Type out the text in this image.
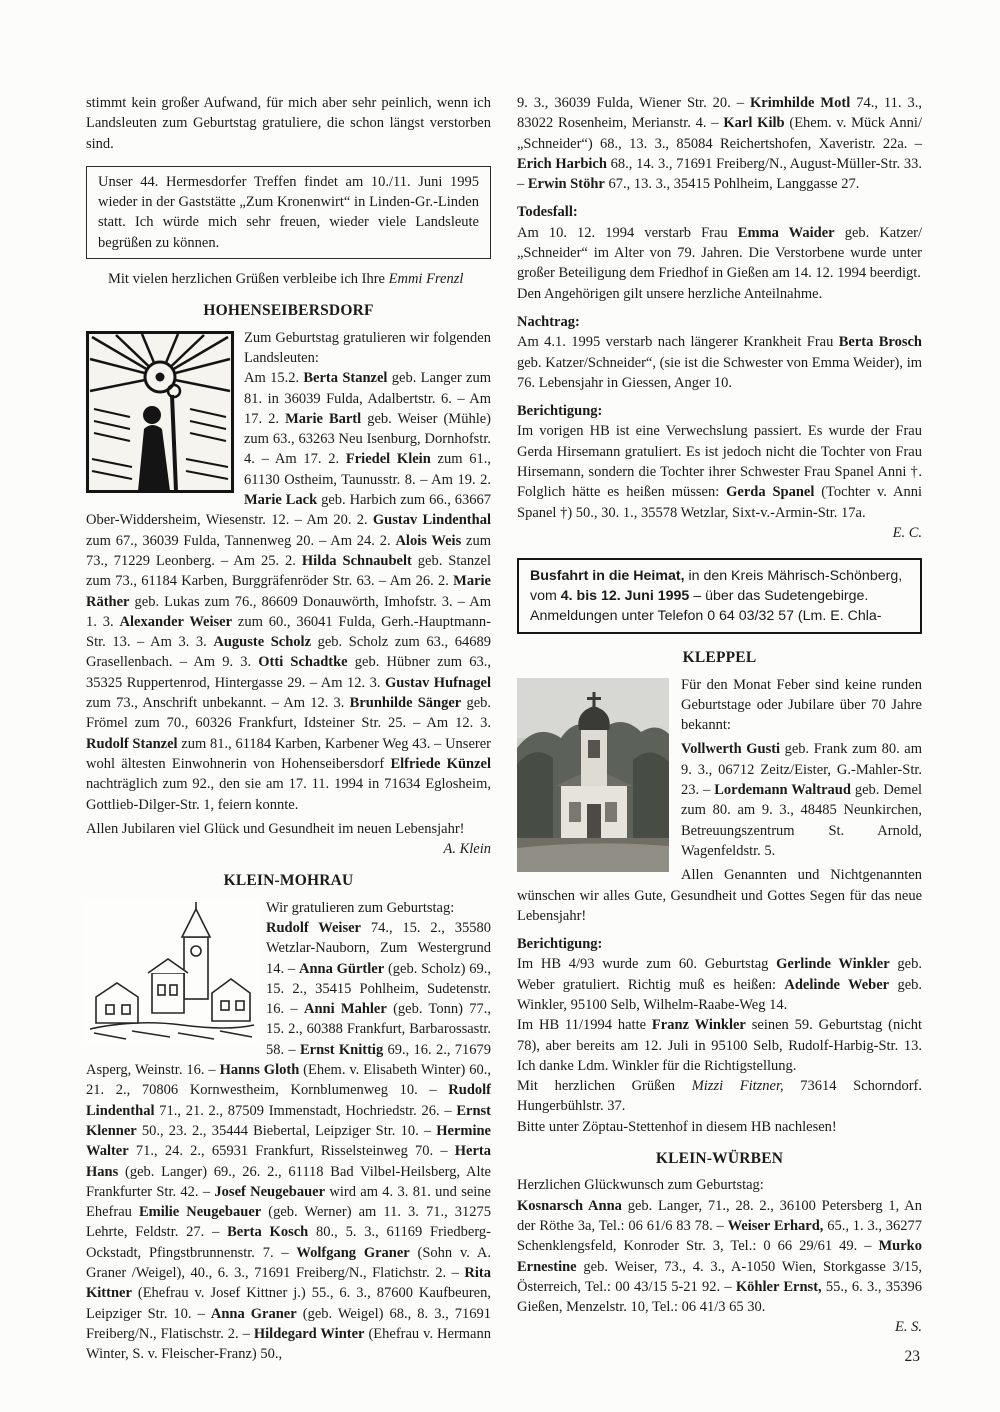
stimmt kein großer Aufwand, für mich aber sehr peinlich, wenn ich Landsleuten zum Geburtstag gratuliere, die schon längst verstorben sind.

Unser 44. Hermesdorfer Treffen findet am 10./11. Juni 1995 wieder in der Gaststätte „Zum Kronenwirt“ in Linden-Gr.-Linden statt. Ich würde mich sehr freuen, wieder viele Landsleute begrüßen zu können.

Mit vielen herzlichen Grüßen verbleibe ich Ihre Emmi Frenzl

HOHENSEIBERSDORF

Zum Geburtstag gratulieren wir folgenden Landsleuten:

Am 15.2. Berta Stanzel geb. Langer zum 81. in 36039 Fulda, Adalbertstr. 6. – Am 17. 2. Marie Bartl geb. Weiser (Mühle) zum 63., 63263 Neu Isenburg, Dornhofstr. 4. – Am 17. 2. Friedel Klein zum 61., 61130 Ostheim, Taunusstr. 8. – Am 19. 2. Marie Lack geb. Harbich zum 66., 63667 Ober-Widdersheim, Wiesenstr. 12. – Am 20. 2. Gustav Lindenthal zum 67., 36039 Fulda, Tannenweg 20. – Am 24. 2. Alois Weis zum 73., 71229 Leonberg. – Am 25. 2. Hilda Schnaubelt geb. Stanzel zum 73., 61184 Karben, Burggräfenröder Str. 63. – Am 26. 2. Marie Räther geb. Lukas zum 76., 86609 Donauwörth, Imhofstr. 3. – Am 1. 3. Alexander Weiser zum 60., 36041 Fulda, Gerh.-Hauptmann-Str. 13. – Am 3. 3. Auguste Scholz geb. Scholz zum 63., 64689 Grasellenbach. – Am 9. 3. Otti Schadtke geb. Hübner zum 63., 35325 Ruppertenrod, Hintergasse 29. – Am 12. 3. Gustav Hufnagel zum 73., Anschrift unbekannt. – Am 12. 3. Brunhilde Sänger geb. Frömel zum 70., 60326 Frankfurt, Idsteiner Str. 25. – Am 12. 3. Rudolf Stanzel zum 81., 61184 Karben, Karbener Weg 43. – Unserer wohl ältesten Einwohnerin von Hohenseibersdorf Elfriede Künzel nachträglich zum 92., den sie am 17. 11. 1994 in 71634 Eglosheim, Gottlieb-Dilger-Str. 1, feiern konnte.

Allen Jubilaren viel Glück und Gesundheit im neuen Lebensjahr!

A. Klein

KLEIN-MOHRAU

Wir gratulieren zum Geburtstag:

Rudolf Weiser 74., 15. 2., 35580 Wetzlar-Nauborn, Zum Westergrund 14. – Anna Gürtler (geb. Scholz) 69., 15. 2., 35415 Pohlheim, Sudetenstr. 16. – Anni Mahler (geb. Tonn) 77., 15. 2., 60388 Frankfurt, Barbarossastr. 58. – Ernst Knittig 69., 16. 2., 71679 Asperg, Weinstr. 16. – Hanns Gloth (Ehem. v. Elisabeth Winter) 60., 21. 2., 70806 Kornwestheim, Kornblumenweg 10. – Rudolf Lindenthal 71., 21. 2., 87509 Immenstadt, Hochriedstr. 26. – Ernst Klenner 50., 23. 2., 35444 Biebertal, Leipziger Str. 10. – Hermine Walter 71., 24. 2., 65931 Frankfurt, Risselsteinweg 70. – Herta Hans (geb. Langer) 69., 26. 2., 61118 Bad Vilbel-Heilsberg, Alte Frankfurter Str. 42. – Josef Neugebauer wird am 4. 3. 81. und seine Ehefrau Emilie Neugebauer (geb. Werner) am 11. 3. 71., 31275 Lehrte, Feldstr. 27. – Berta Kosch 80., 5. 3., 61169 Friedberg-Ockstadt, Pfingstbrunnenstr. 7. – Wolfgang Graner (Sohn v. A. Graner /Weigel), 40., 6. 3., 71691 Freiberg/N., Flatichstr. 2. – Rita Kittner (Ehefrau v. Josef Kittner j.) 55., 6. 3., 87600 Kaufbeuren, Leipziger Str. 10. – Anna Graner (geb. Weigel) 68., 8. 3., 71691 Freiberg/N., Flatischstr. 2. – Hildegard Winter (Ehefrau v. Hermann Winter, S. v. Fleischer-Franz) 50.,

9. 3., 36039 Fulda, Wiener Str. 20. – Krimhilde Motl 74., 11. 3., 83022 Rosenheim, Merianstr. 4. – Karl Kilb (Ehem. v. Mück Anni/„Schneider“) 68., 13. 3., 85084 Reichertshofen, Xaveristr. 22a. – Erich Harbich 68., 14. 3., 71691 Freiberg/N., August-Müller-Str. 33. – Erwin Stöhr 67., 13. 3., 35415 Pohlheim, Langgasse 27.

Todesfall:

Am 10. 12. 1994 verstarb Frau Emma Waider geb. Katzer/„Schneider“ im Alter von 79. Jahren. Die Verstorbene wurde unter großer Beteiligung dem Friedhof in Gießen am 14. 12. 1994 beerdigt.

Den Angehörigen gilt unsere herzliche Anteilnahme.

Nachtrag:

Am 4.1. 1995 verstarb nach längerer Krankheit Frau Berta Brosch geb. Katzer/Schneider“, (sie ist die Schwester von Emma Weider), im 76. Lebensjahr in Giessen, Anger 10.

Berichtigung:

Im vorigen HB ist eine Verwechslung passiert. Es wurde der Frau Gerda Hirsemann gratuliert. Es ist jedoch nicht die Tochter von Frau Hirsemann, sondern die Tochter ihrer Schwester Frau Spanel Anni †. Folglich hätte es heißen müssen: Gerda Spanel (Tochter v. Anni Spanel †) 50., 30. 1., 35578 Wetzlar, Sixt-v.-Armin-Str. 17a.

E. C.

Busfahrt in die Heimat, in den Kreis Mährisch-Schönberg, vom 4. bis 12. Juni 1995 – über das Sudetengebirge. Anmeldungen unter Telefon 0 64 03/32 57 (Lm. E. Chla-

KLEPPEL

Für den Monat Feber sind keine runden Geburtstage oder Jubilare über 70 Jahre bekannt:

Vollwerth Gusti geb. Frank zum 80. am 9. 3., 06712 Zeitz/Eister, G.-Mahler-Str. 23. – Lordemann Waltraud geb. Demel zum 80. am 9. 3., 48485 Neunkirchen, Betreuungszentrum St. Arnold, Wagenfeldstr. 5.

Allen Genannten und Nichtgenannten wünschen wir alles Gute, Gesundheit und Gottes Segen für das neue Lebensjahr!

Berichtigung:

Im HB 4/93 wurde zum 60. Geburtstag Gerlinde Winkler geb. Weber gratuliert. Richtig muß es heißen: Adelinde Weber geb. Winkler, 95100 Selb, Wilhelm-Raabe-Weg 14.

Im HB 11/1994 hatte Franz Winkler seinen 59. Geburtstag (nicht 78), aber bereits am 12. Juli in 95100 Selb, Rudolf-Harbig-Str. 13. Ich danke Ldm. Winkler für die Richtigstellung.

Mit herzlichen Grüßen Mizzi Fitzner, 73614 Schorndorf. Hungerbühlstr. 37.

Bitte unter Zöptau-Stettenhof in diesem HB nachlesen!

KLEIN-WÜRBEN

Herzlichen Glückwunsch zum Geburtstag:

Kosnarsch Anna geb. Langer, 71., 28. 2., 36100 Petersberg 1, An der Röthe 3a, Tel.: 06 61/6 83 78. – Weiser Erhard, 65., 1. 3., 36277 Schenklengsfeld, Konroder Str. 3, Tel.: 0 66 29/61 49. – Murko Ernestine geb. Weiser, 73., 4. 3., A-1050 Wien, Storkgasse 3/15, Österreich, Tel.: 00 43/15 5-21 92. – Köhler Ernst, 55., 6. 3., 35396 Gießen, Menzelstr. 10, Tel.: 06 41/3 65 30.

E. S.

23
